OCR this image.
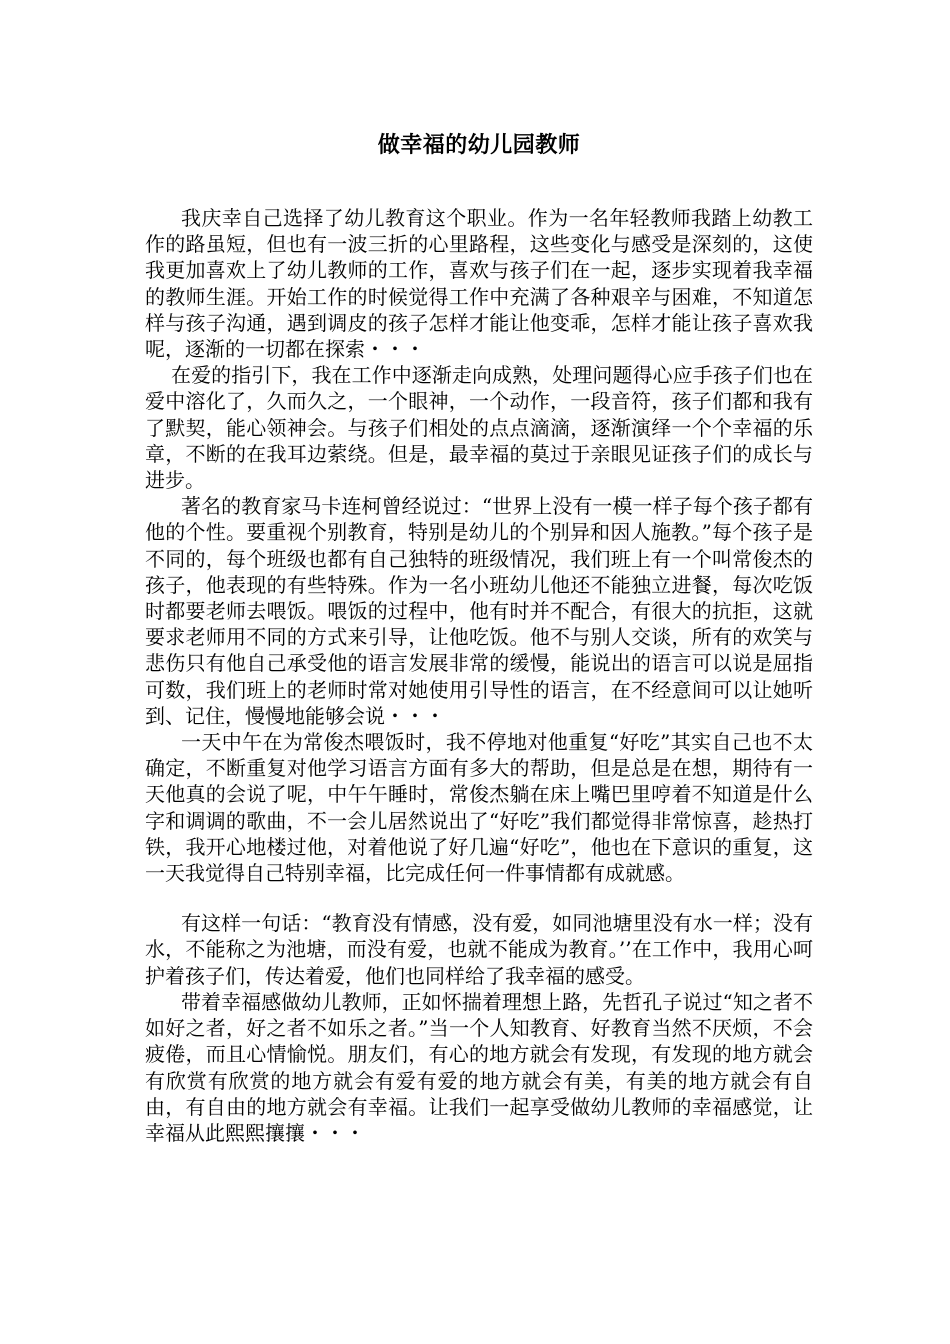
做幸福的幼儿园教师

我庆幸自己选择了幼儿教育这个职业。作为一名年轻教师我踏上幼教工作的路虽短，但也有一波三折的心里路程，这些变化与感受是深刻的，这使我更加喜欢上了幼儿教师的工作，喜欢与孩子们在一起，逐步实现着我幸福的教师生涯。开始工作的时候觉得工作中充满了各种艰辛与困难，不知道怎样与孩子沟通，遇到调皮的孩子怎样才能让他变乖，怎样才能让孩子喜欢我呢，逐渐的一切都在探索・・・

在爱的指引下，我在工作中逐渐走向成熟，处理问题得心应手孩子们也在爱中溶化了，久而久之，一个眼神，一个动作，一段音符，孩子们都和我有了默契，能心领神会。与孩子们相处的点点滴滴，逐渐演绎一个个幸福的乐章，不断的在我耳边萦绕。但是，最幸福的莫过于亲眼见证孩子们的成长与进步。

著名的教育家马卡连柯曾经说过：“世界上没有一模一样子每个孩子都有他的个性。要重视个别教育，特别是幼儿的个别异和因人施教。”每个孩子是不同的，每个班级也都有自己独特的班级情况，我们班上有一个叫常俊杰的孩子，他表现的有些特殊。作为一名小班幼儿他还不能独立进餐，每次吃饭时都要老师去喂饭。喂饭的过程中，他有时并不配合，有很大的抗拒，这就要求老师用不同的方式来引导，让他吃饭。他不与别人交谈，所有的欢笑与悲伤只有他自己承受他的语言发展非常的缓慢，能说出的语言可以说是屈指可数，我们班上的老师时常对她使用引导性的语言，在不经意间可以让她听到、记住，慢慢地能够会说・・・

一天中午在为常俊杰喂饭时，我不停地对他重复“好吃”其实自己也不太确定，不断重复对他学习语言方面有多大的帮助，但是总是在想，期待有一天他真的会说了呢，中午午睡时，常俊杰躺在床上嘴巴里哼着不知道是什么字和调调的歌曲，不一会儿居然说出了“好吃”我们都觉得非常惊喜，趁热打铁，我开心地楼过他，对着他说了好几遍“好吃”，他也在下意识的重复，这一天我觉得自己特别幸福，比完成任何一件事情都有成就感。

有这样一句话：“教育没有情感，没有爱，如同池塘里没有水一样；没有水，不能称之为池塘，而没有爱，也就不能成为教育。’’在工作中，我用心呵护着孩子们，传达着爱，他们也同样给了我幸福的感受。

带着幸福感做幼儿教师，正如怀揣着理想上路，先哲孔子说过“知之者不如好之者，好之者不如乐之者。”当一个人知教育、好教育当然不厌烦，不会疲倦，而且心情愉悦。朋友们，有心的地方就会有发现，有发现的地方就会有欣赏有欣赏的地方就会有爱有爱的地方就会有美，有美的地方就会有自由，有自由的地方就会有幸福。让我们一起享受做幼儿教师的幸福感觉，让幸福从此熙熙攘攘・・・
